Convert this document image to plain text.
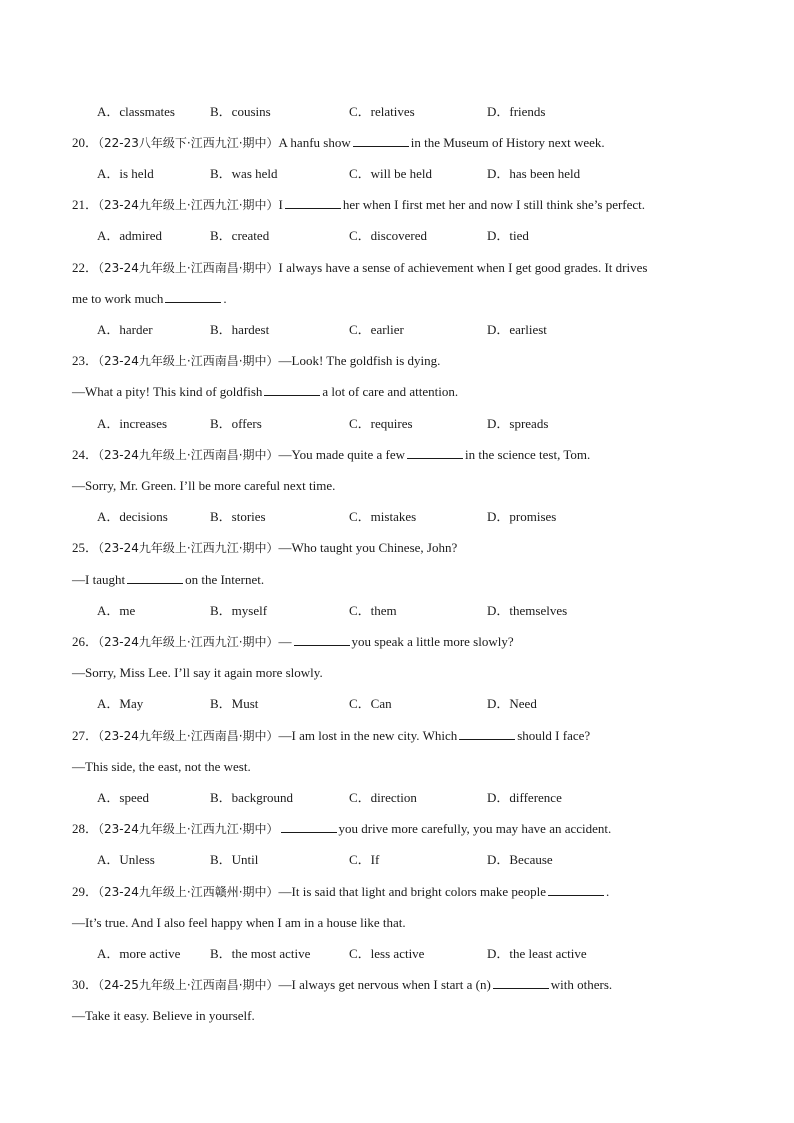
A．classmates	B．cousins	C．relatives	D．friends
20．（22-23八年级下·江西九江·期中）A hanfu show	in the Museum of History next week.
A．is held	B．was held	C．will be held	D．has been held
21．（23-24九年级上·江西九江·期中）I	her when I first met her and now I still think she’s perfect.
A．admired	B．created	C．discovered	D．tied
22．（23-24九年级上·江西南昌·期中）I always have a sense of achievement when I get good grades. It drives
me to work much	.
A．harder	B．hardest	C．earlier	D．earliest
23．（23-24九年级上·江西南昌·期中）—Look! The goldfish is dying.
—What a pity! This kind of goldfish	a lot of care and attention.
A．increases	B．offers	C．requires	D．spreads
24．（23-24九年级上·江西南昌·期中）—You made quite a few	in the science test, Tom.
—Sorry, Mr. Green. I’ll be more careful next time.
A．decisions	B．stories	C．mistakes	D．promises
25．（23-24九年级上·江西九江·期中）—Who taught you Chinese, John?
—I taught	on the Internet.
A．me	B．myself	C．them	D．themselves
26．（23-24九年级上·江西九江·期中）—	you speak a little more slowly?
—Sorry, Miss Lee. I’ll say it again more slowly.
A．May	B．Must	C．Can	D．Need
27．（23-24九年级上·江西南昌·期中）—I am lost in the new city. Which	should I face?
—This side, the east, not the west.
A．speed	B．background	C．direction	D．difference
28．（23-24九年级上·江西九江·期中）	you drive more carefully, you may have an accident.
A．Unless	B．Until	C．If	D．Because
29．（23-24九年级上·江西赣州·期中）—It is said that light and bright colors make people	.
—It’s true. And I also feel happy when I am in a house like that.
A．more active B．the most active	C．less active	D．the least active
30．（24-25九年级上·江西南昌·期中）—I always get nervous when I start a (n)	with others.
—Take it easy. Believe in yourself.
